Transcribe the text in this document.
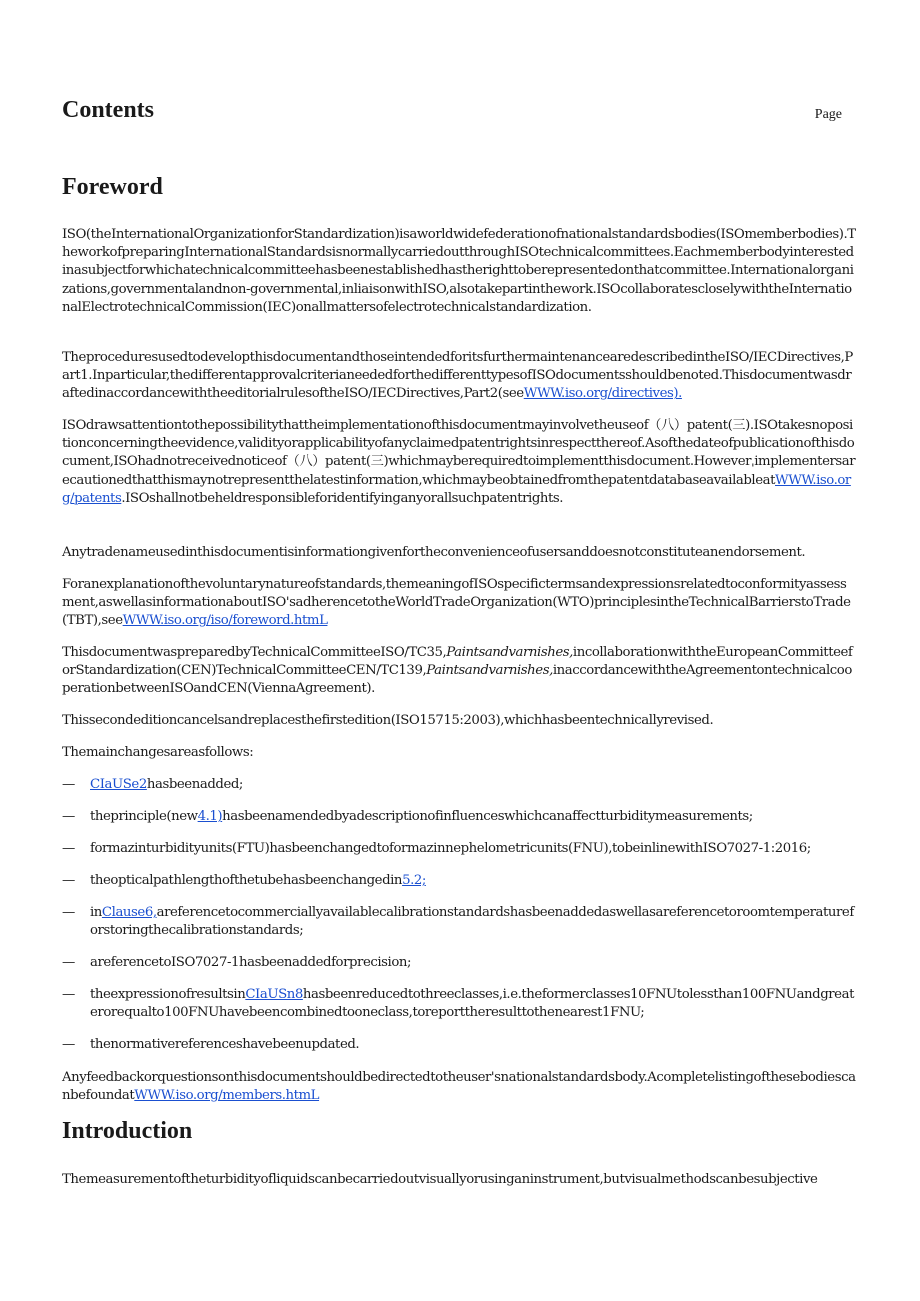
Contents	Page
Foreword

ISO(theInternationalOrganizationforStandardization)isaworldwidefederationofnationalstandardsbodies(ISOmemberbodies).TheworkofpreparingInternationalStandardsisnormallycarriedoutthroughISOtechnicalcommittees.Eachmemberbodyinterestedinasubjectforwhichatechnicalcommitteehasbeenestablishedhastherighttoberepresentedonthatcommittee.Internationalorganizations,governmentalandnon-governmental,inliaisonwithISO,alsotakepartinthework.ISOcollaboratescloselywiththeInternationalElectrotechnicalCommission(IEC)onallmattersofelectrotechnicalstandardization.

TheproceduresusedtodevelopthisdocumentandthoseintendedforitsfurthermaintenancearedescribedintheISO/IECDirectives,Part1.Inparticular,thedifferentapprovalcriterianeededforthedifferenttypesofISOdocumentsshouldbenoted.ThisdocumentwasdraftedinaccordancewiththeeditorialrulesoftheISO/IECDirectives,Part2(seeWWW.iso.org/directives).

ISOdrawsattentiontothepossibilitythattheimplementationofthisdocumentmayinvolvetheuseof（八）patent(三).ISOtakesnopositionconcerningtheevidence,validityorapplicabilityofanyclaimedpatentrightsinrespectthereof.Asofthedateofpublicationofthisdocument,ISOhadnotreceivednoticeof（八）patent(三)whichmayberequiredtoimplementthisdocument.Howeverˌimplementersarecautionedthatthismaynotrepresentthelatestinformation,whichmaybeobtainedfromthepatentdatabaseavailableatWWW.iso.org/patents.ISOshallnotbeheldresponsibleforidentifyinganyorallsuchpatentrights.

Anytradenameusedinthisdocumentisinformationgivenfortheconvenienceofusersanddoesnotconstituteanendorsement.

Foranexplanationofthevoluntarynatureofstandards,themeaningofISOspecifictermsandexpressionsrelatedtoconformityassessment,aswellasinformationaboutISO'sadherencetotheWorldTradeOrganization(WTO)principlesintheTechnicalBarrierstoTrade(TBT),seeWWW.iso.org/iso/foreword.htmL

ThisdocumentwaspreparedbyTechnicalCommitteeISO/TC35,Paintsandvarnishes,incollaborationwiththeEuropeanCommitteeforStandardization(CEN)TechnicalCommitteeCEN/TC139,Paintsandvarnishes,inaccordancewiththeAgreementontechnicalcooperationbetweenISOandCEN(ViennaAgreement).

Thissecondeditioncancelsandreplacesthefirstedition(ISO15715:2003),whichhasbeentechnicallyrevised.

Themainchangesareasfollows:

— CIaUSe2hasbeenadded;
— theprinciple(new4.1)hasbeenamendedbyadescriptionofinfluenceswhichcanaffectturbiditymeasurements;
— formazinturbidityunits(FTU)hasbeenchangedtoformazinnephelometricunits(FNU),tobeinlinewithISO7027-1:2016;
— theopticalpathlengthofthetubehasbeenchangedin5.2;
— inClause6,areferencetocommerciallyavailablecalibrationstandardshasbeenaddedaswellasareferencetoroomtemperatureforstoringthecalibrationstandards;
— areferencetoISO7027-1hasbeenaddedforprecision;
— theexpressionofresultsinCIaUSn8hasbeenreducedtothreeclasses,i.e.theformerclasses10FNUtolessthan100FNUandgreaterorequalto100FNUhavebeencombinedtooneclass,toreporttheresulttothenearest1FNU;
— thenormativereferenceshavebeenupdated.

Anyfeedbackorquestionsonthisdocumentshouldbedirectedtotheuser'snationalstandardsbody.AcompletelistingofthesebodiescanbefoundatWWW.iso.org/members.htmL

Introduction

Themeasurementoftheturbidityofliquidscanbecarriedoutvisuallyorusinganinstrument,butvisualmethodscanbesubjective
